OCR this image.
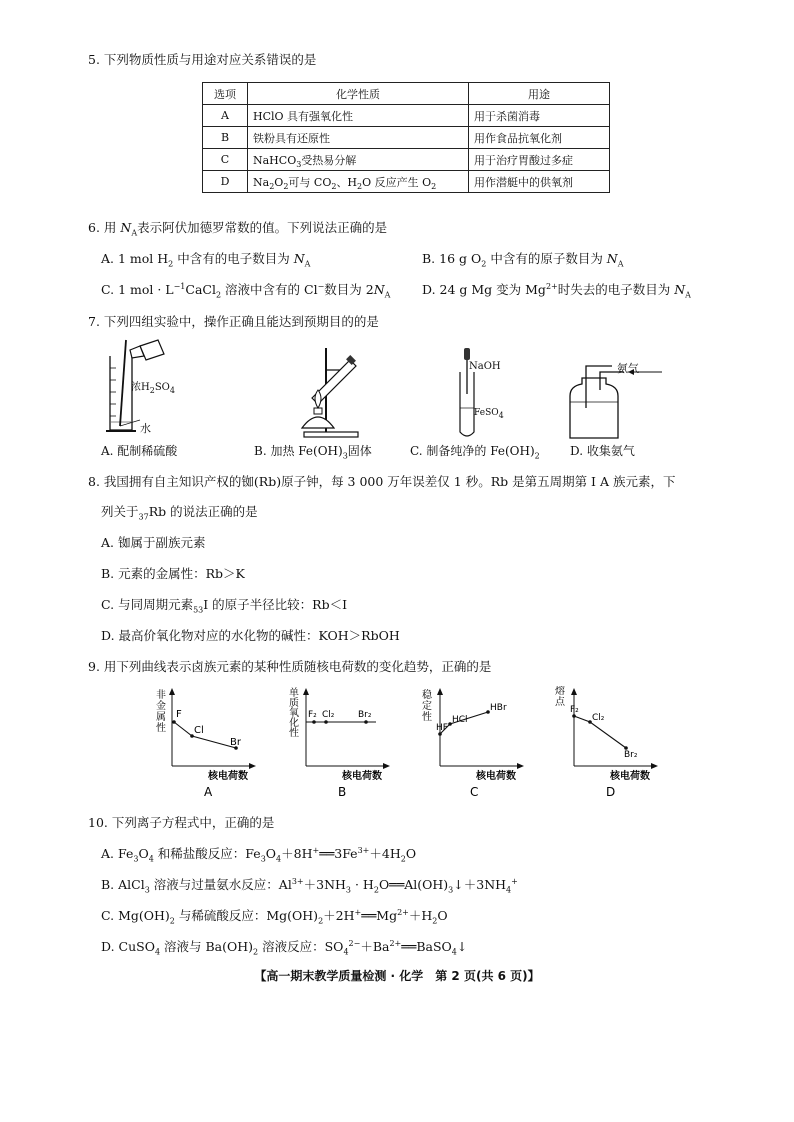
5. 下列物质性质与用途对应关系错误的是
选项	化学性质	用途
A	HClO 具有强氧化性	用于杀菌消毒
B	铁粉具有还原性	用作食品抗氧化剂
C	NaHCO$_3$受热易分解	用于治疗胃酸过多症
D	$Na_2O_2$可与 $CO_2$、$H_2O$ 反应产生 $O_2$	用作潜艇中的供氧剂
6. 用 $N_A$表示阿伏加德罗常数的值。下列说法正确的是
A. 1 mol $H_2$ 中含有的电子数目为 $N_A$	B. 16 g $O_2$ 中含有的原子数目为 $N_A$
C. 1 mol · $L^{-1}CaCl_2$ 溶液中含有的 Cl−数目为 $2N_A$	D. 24 g Mg 变为 $Mg^{2+}$时失去的电子数目为 $N_A$
7. 下列四组实验中，操作正确且能达到预期目的的是
浓$H_2SO_4$
水
NaOH
FeSO$_4$
氨气
A. 配制稀硫酸	B. 加热 $Fe(OH)_3$固体	C. 制备纯净的 $Fe(OH)_2$	D. 收集氨气
8. 我国拥有自主知识产权的铷(Rb)原子钟，每 3 000 万年误差仅 1 秒。Rb 是第五周期第 Ⅰ A 族元素，下
列关于$_{37}$Rb 的说法正确的是
A. 铷属于副族元素
B. 元素的金属性：Rb＞K
C. 与同周期元素$_{53}$I 的原子半径比较：Rb＜I
D. 最高价氧化物对应的水化物的碱性：KOH＞RbOH
9. 用下列曲线表示卤族元素的某种性质随核电荷数的变化趋势，正确的是
非
金
属
性
F
Cl
Br
核电荷数
A
单
质
氧
化
性
F₂ Cl₂	Br₂
核电荷数
B
稳
定
性
HF
HCl
HBr
核电荷数
C
熔
点
F₂
Cl₂
Br₂
核电荷数
D
10. 下列离子方程式中，正确的是
A. $Fe_3O_4$ 和稀盐酸反应：$Fe_3O_4+8H^+══3Fe^{3+}+4H_2O$
B. AlCl$_3$ 溶液与过量氨水反应：$Al^{3+}+3NH_3$ · $H_2O══Al(OH)_3↓+3NH_4^+$
C. $Mg(OH)_2$ 与稀硫酸反应：$Mg(OH)_2+2H^+══Mg^{2+}+H_2O$
D. CuSO$_4$ 溶液与 $Ba(OH)_2$ 溶液反应：$SO_4^{2-}+Ba^{2+}══BaSO_4↓$
【高一期末教学质量检测 · 化学　第 2 页(共 6 页)】
